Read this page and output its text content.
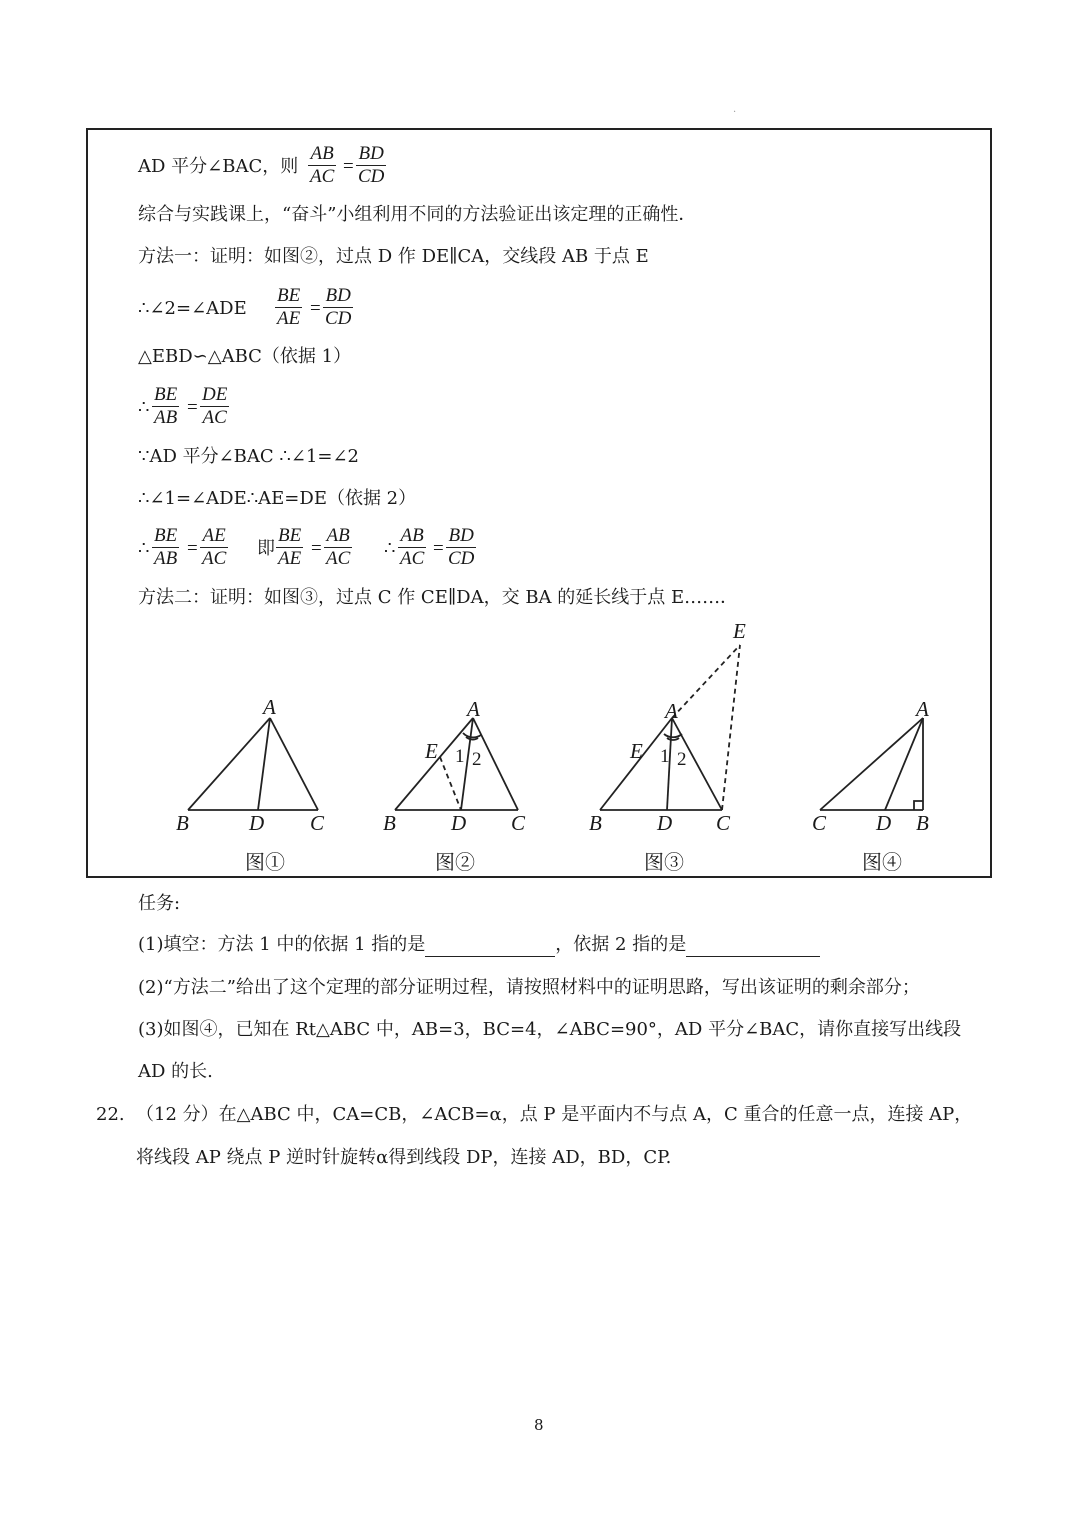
.
AD 平分∠BAC，则 $\frac{AB}{AC} = \frac{BD}{CD}$
综合与实践课上，“奋斗”小组利用不同的方法验证出该定理的正确性．
方法一：证明：如图②，过点 D 作 DE∥CA，交线段 AB 于点 E
∴∠2=∠ADE $\frac{BE}{AE} = \frac{BD}{CD}$
△EBD∽△ABC（依据 1）
∴ $\frac{BE}{AB} = \frac{DE}{AC}$
∵AD 平分∠BAC ∴∠1=∠2
∴∠1=∠ADE∴AE=DE（依据 2）
∴ $\frac{BE}{AB} = \frac{AE}{AC}$ 即 $\frac{BE}{AE} = \frac{AB}{AC}$ ∴ $\frac{AB}{AC} = \frac{BD}{CD}$
方法二：证明：如图③，过点 C 作 CE∥DA，交 BA 的延长线于点 E……．
A
B	D C
A
E 1 2
B	D C
E
A
E 1 2
B	D C
A
C D B
图①	图②	图③	图④
任务:
(1)填空：方法 1 中的依据 1 指的是	，依据 2 指的是
(2)“方法二”给出了这个定理的部分证明过程，请按照材料中的证明思路，写出该证明的剩余部分；
(3)如图④，已知在 Rt△ABC 中，AB=3，BC=4，∠ABC=90°，AD 平分∠BAC，请你直接写出线段
AD 的长.
22. （12 分）在△ABC 中，CA=CB，∠ACB=α，点 P 是平面内不与点 A，C 重合的任意一点，连接 AP，
将线段 AP 绕点 P 逆时针旋转α得到线段 DP，连接 AD，BD，CP.
8
